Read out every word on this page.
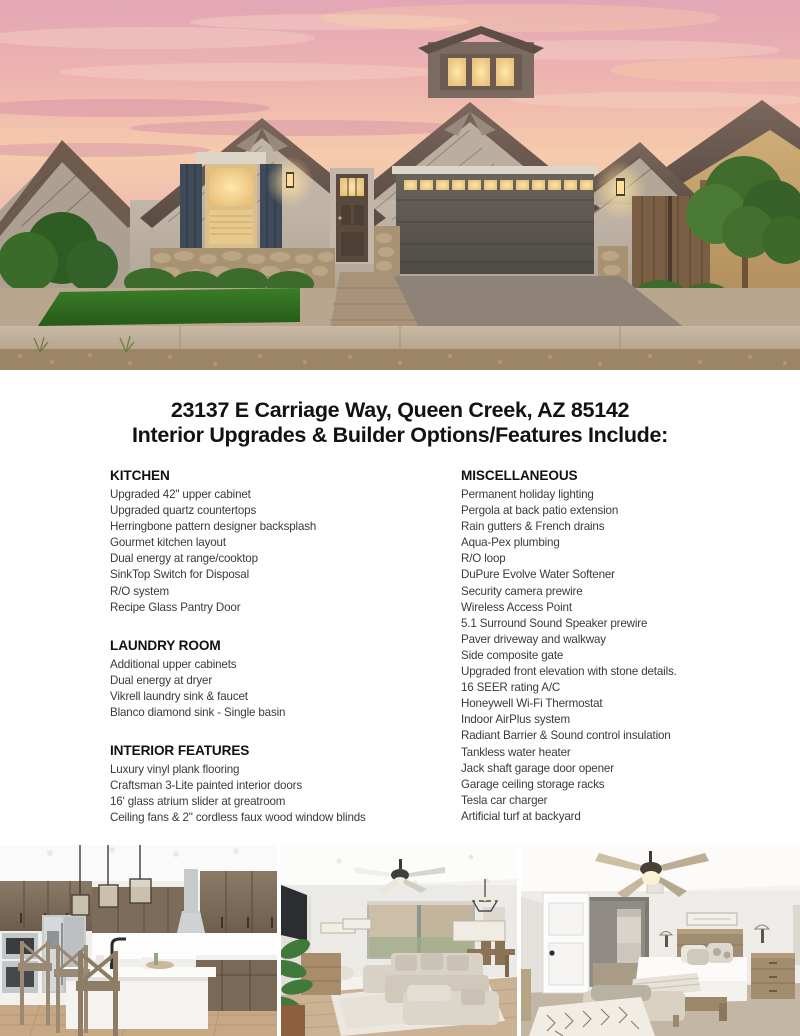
23137 E Carriage Way, Queen Creek, AZ 85142
Interior Upgrades & Builder Options/Features Include:
KITCHEN
Upgraded 42" upper cabinet
Upgraded quartz countertops
Herringbone pattern designer backsplash
Gourmet kitchen layout
Dual energy at range/cooktop
SinkTop Switch for Disposal
R/O system
Recipe Glass Pantry Door
LAUNDRY ROOM
Additional upper cabinets
Dual energy at dryer
Vikrell laundry sink & faucet
Blanco diamond sink - Single basin
INTERIOR FEATURES
Luxury vinyl plank flooring
Craftsman 3-Lite painted interior doors
16' glass atrium slider at greatroom
Ceiling fans & 2" cordless faux wood window blinds
MISCELLANEOUS
Permanent holiday lighting
Pergola at back patio extension
Rain gutters & French drains
Aqua-Pex plumbing
R/O loop
DuPure Evolve Water Softener
Security camera prewire
Wireless Access Point
5.1 Surround Sound Speaker prewire
Paver driveway and walkway
Side composite gate
Upgraded front elevation with stone details.
16 SEER rating A/C
Honeywell Wi-Fi Thermostat
Indoor AirPlus system
Radiant Barrier & Sound control insulation
Tankless water heater
Jack shaft garage door opener
Garage ceiling storage racks
Tesla car charger
Artificial turf at backyard
